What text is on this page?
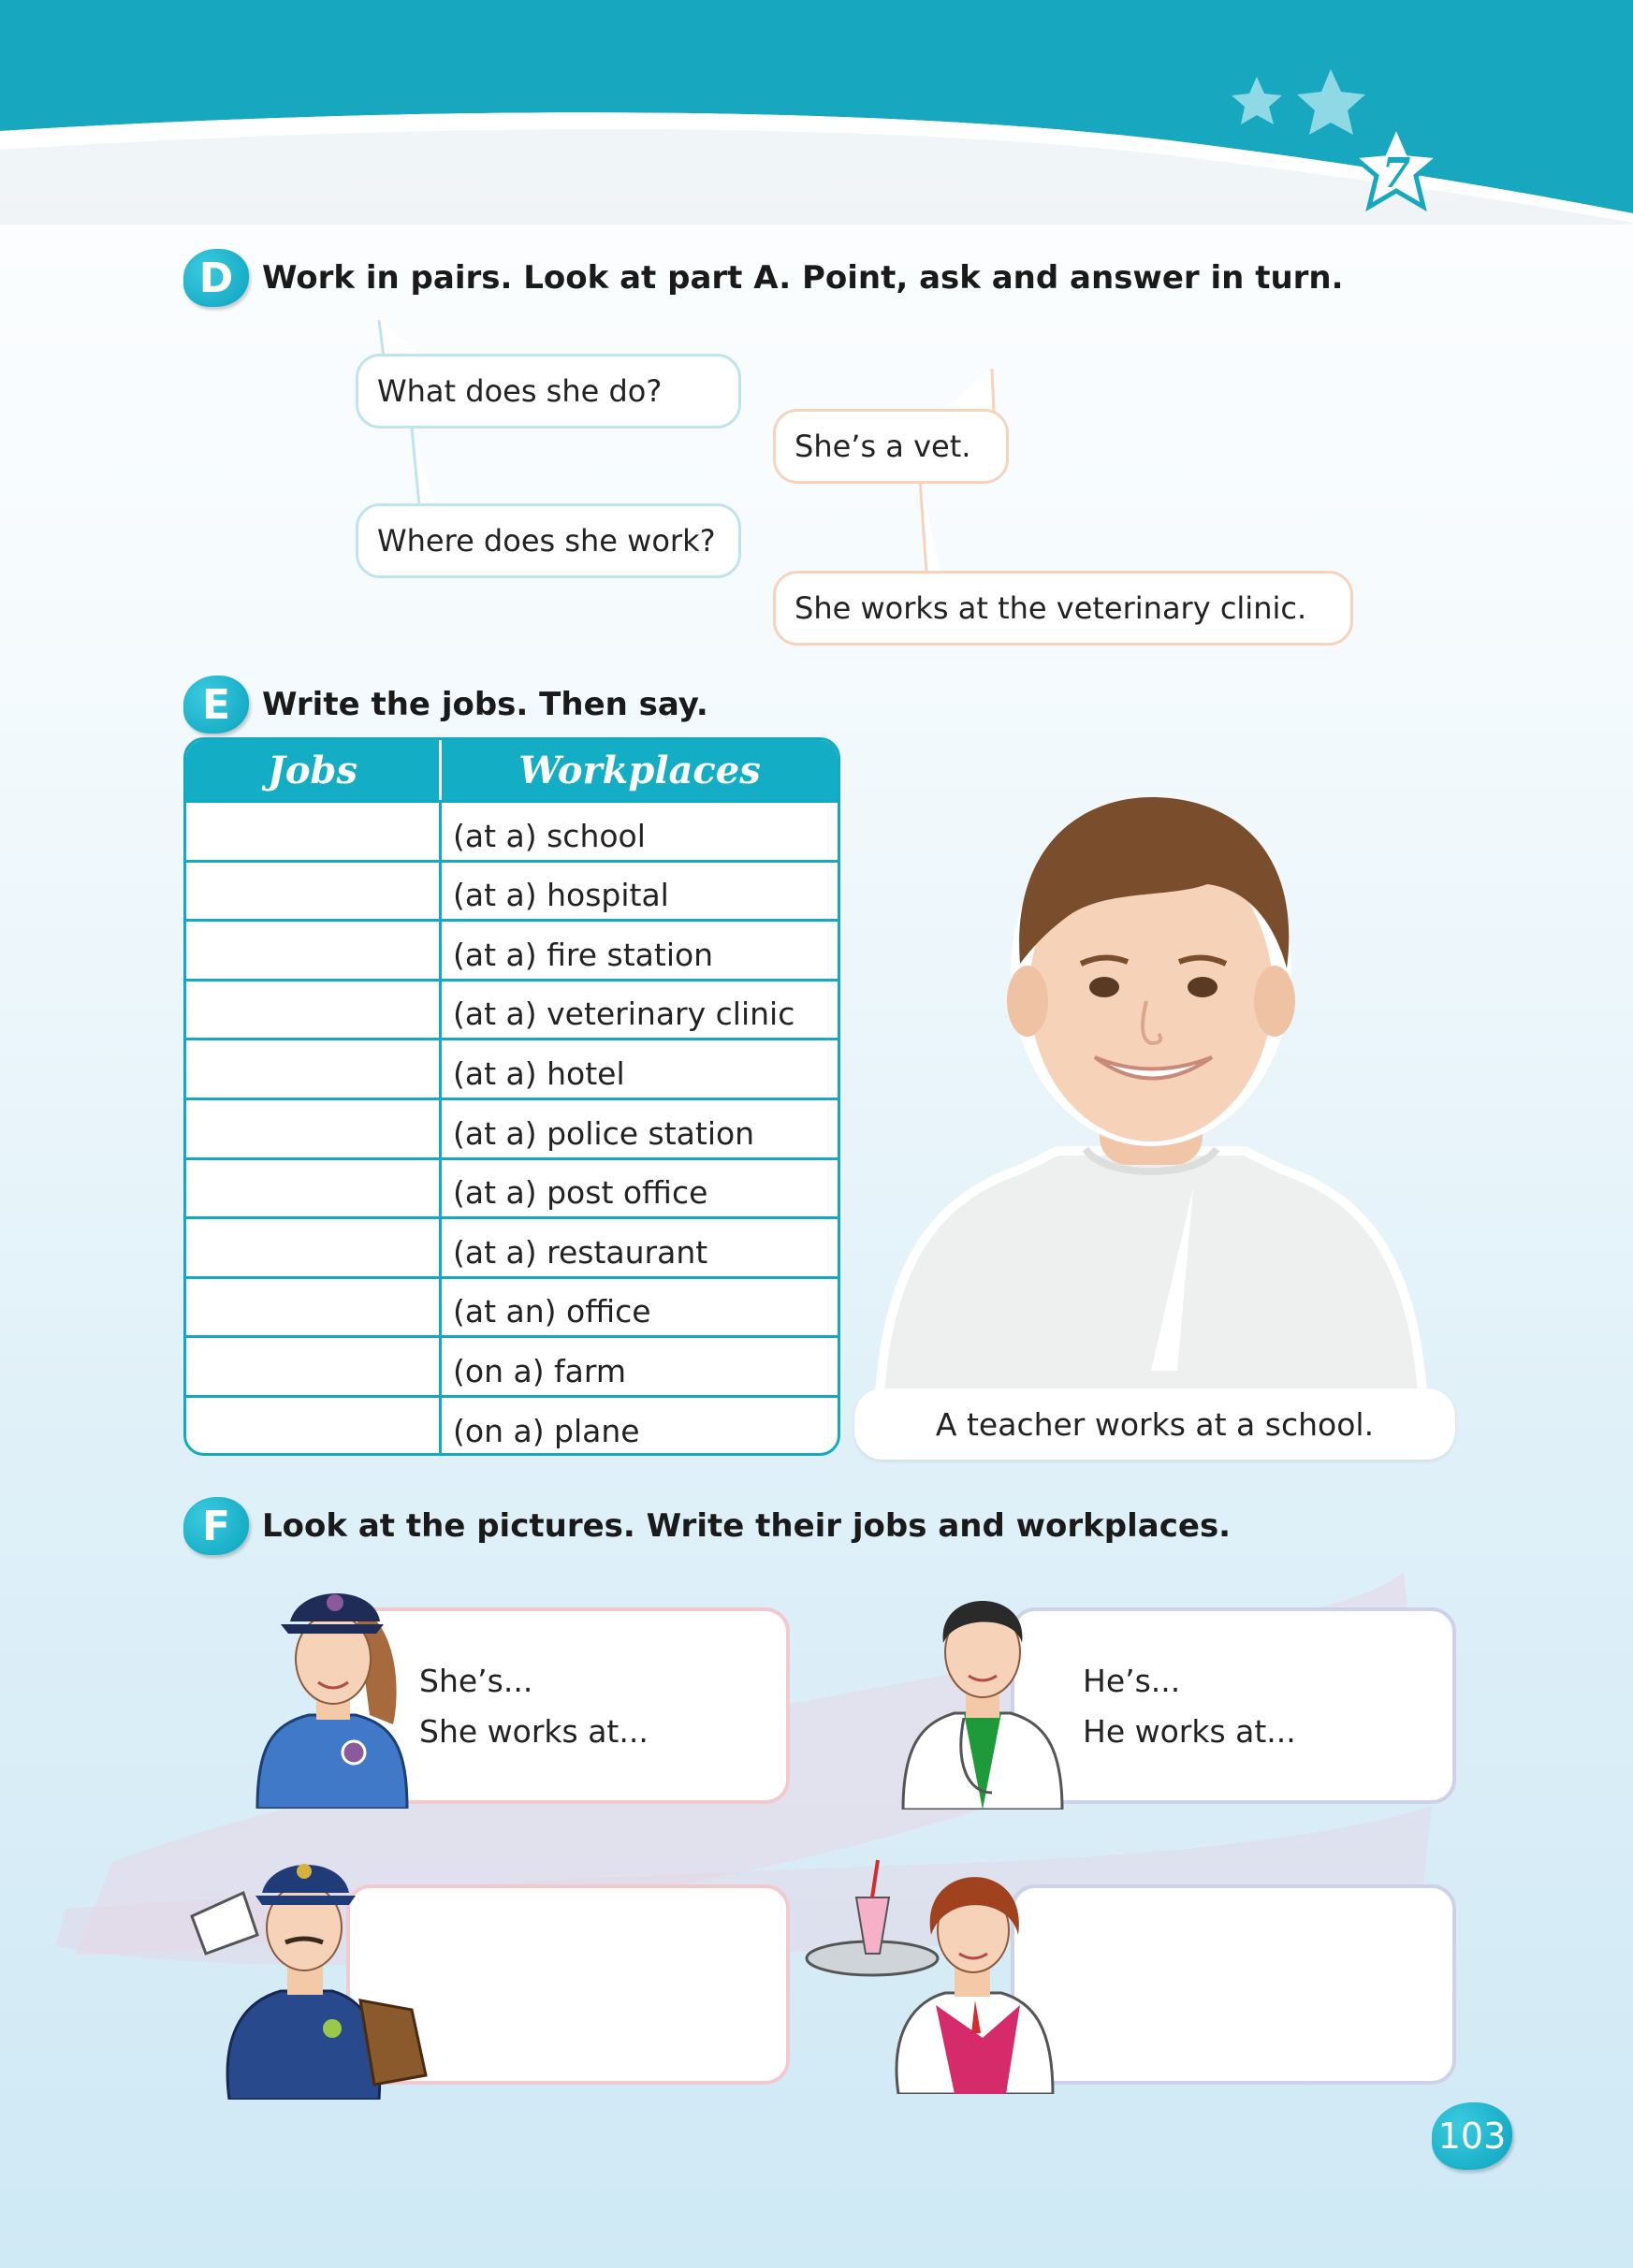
7
D Work in pairs. Look at part A. Point, ask and answer in turn.
What does she do?
Where does she work?
She’s a vet.
She works at the veterinary clinic.
E Write the jobs. Then say.
Jobs	Workplaces
(at a) school
(at a) hospital
(at a) fire station
(at a) veterinary clinic
(at a) hotel
(at a) police station
(at a) post office
(at a) restaurant
(at an) office
(on a) farm
(on a) plane	A teacher works at a school.
F Look at the pictures. Write their jobs and workplaces.
She’s...
She works at...
He’s...
He works at...
103
